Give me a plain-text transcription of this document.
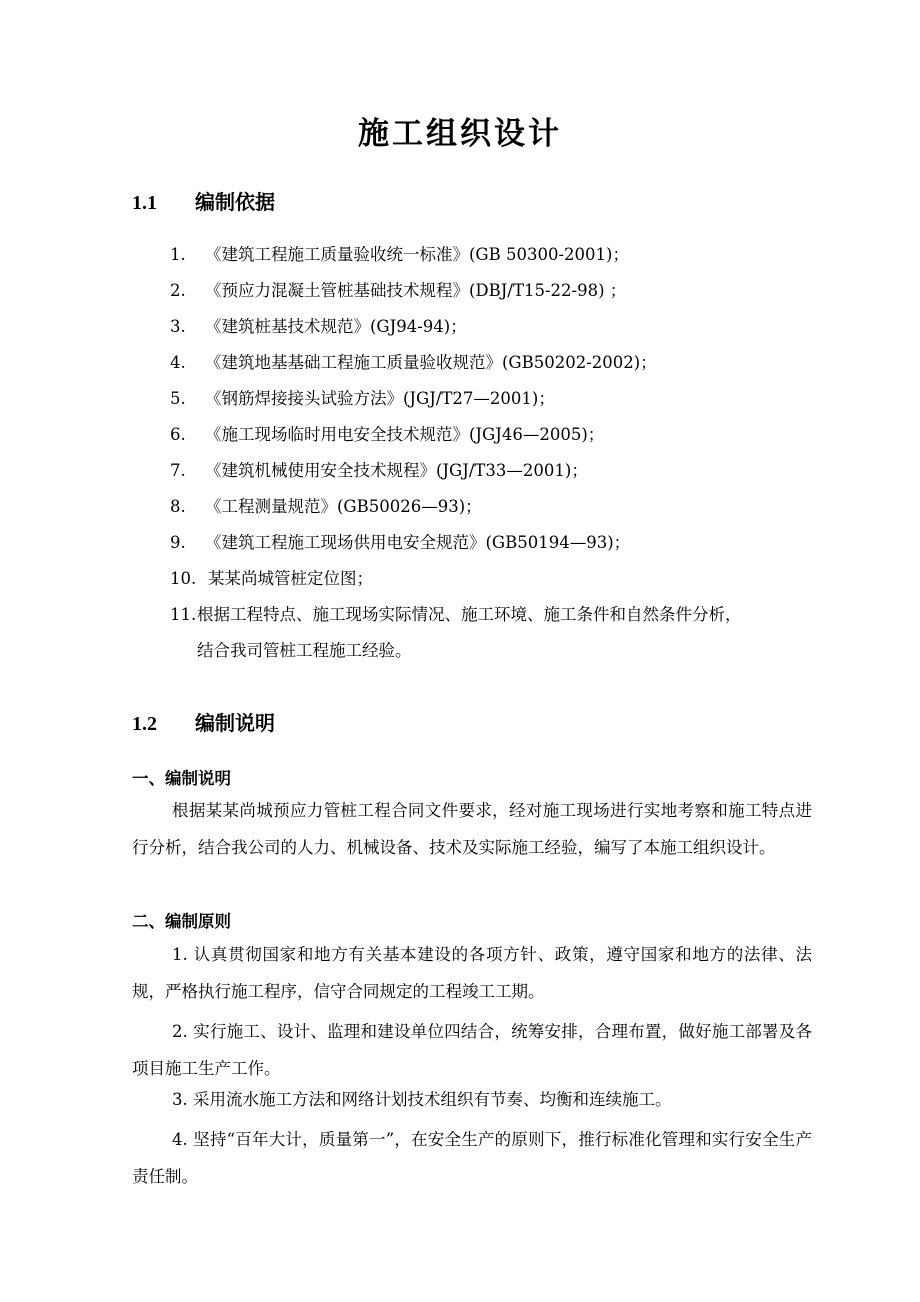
施工组织设计
1.1 编制依据
1. 《建筑工程施工质量验收统一标准》(GB 50300-2001)；
2. 《预应力混凝土管桩基础技术规程》(DBJ/T15-22-98) ；
3. 《建筑桩基技术规范》(GJ94-94)；
4. 《建筑地基基础工程施工质量验收规范》(GB50202-2002)；
5. 《钢筋焊接接头试验方法》(JGJ/T27—2001)；
6. 《施工现场临时用电安全技术规范》(JGJ46—2005)；
7. 《建筑机械使用安全技术规程》(JGJ/T33—2001)；
8. 《工程测量规范》(GB50026—93)；
9. 《建筑工程施工现场供用电安全规范》(GB50194—93)；
10. 某某尚城管桩定位图；
11.根据工程特点、施工现场实际情况、施工环境、施工条件和自然条件分析，
结合我司管桩工程施工经验。
1.2 编制说明
一、编制说明

根据某某尚城预应力管桩工程合同文件要求，经对施工现场进行实地考察和施工特点进行分析，结合我公司的人力、机械设备、技术及实际施工经验，编写了本施工组织设计。

二、编制原则

1. 认真贯彻国家和地方有关基本建设的各项方针、政策，遵守国家和地方的法律、法规，严格执行施工程序，信守合同规定的工程竣工工期。

2. 实行施工、设计、监理和建设单位四结合，统筹安排，合理布置，做好施工部署及各项目施工生产工作。

3. 采用流水施工方法和网络计划技术组织有节奏、均衡和连续施工。

4. 坚持“百年大计，质量第一”，在安全生产的原则下，推行标准化管理和实行安全生产责任制。
